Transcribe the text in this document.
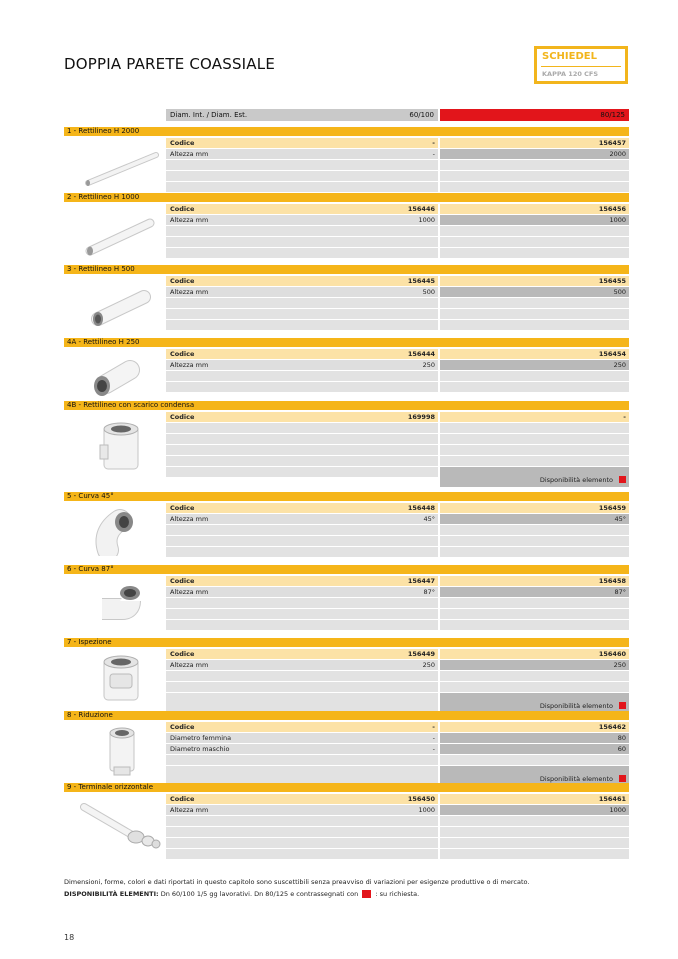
DOPPIA PARETE COASSIALE	SCHIEDEL
KAPPA 120 CFS
Diam. Int. / Diam. Est.	60/100	80/125
1 - Rettilineo H 2000
Codice	-	156457
Altezza mm	-	2000
2 - Rettilineo H 1000
Codice	156446	156456
Altezza mm	1000	1000
3 - Rettilineo H 500
Codice	156445	156455
Altezza mm	500	500
4A - Rettilineo H 250
Codice	156444	156454
Altezza mm	250	250
4B - Rettilineo con scarico condensa
Codice	169998	-
Disponibilità elemento
5 - Curva 45°
Codice	156448	156459
Altezza mm	45°	45°
6 - Curva 87°
Codice	156447	156458
Altezza mm	87°	87°
7 - Ispezione
Codice	156449	156460
Altezza mm	250	250
Disponibilità elemento
8 - Riduzione
Codice	-	156462
Diametro femmina	-	80
Diametro maschio	-	60
Disponibilità elemento
9 - Terminale orizzontale
Codice	156450	156461
Altezza mm	1000	1000
Dimensioni, forme, colori e dati riportati in questo capitolo sono suscettibili senza preavviso di variazioni per esigenze produttive o di mercato.
DISPONIBILITÀ ELEMENTI: Dn 60/100 1/5 gg lavorativi. Dn 80/125 e contrassegnati con	: su richiesta.
18
